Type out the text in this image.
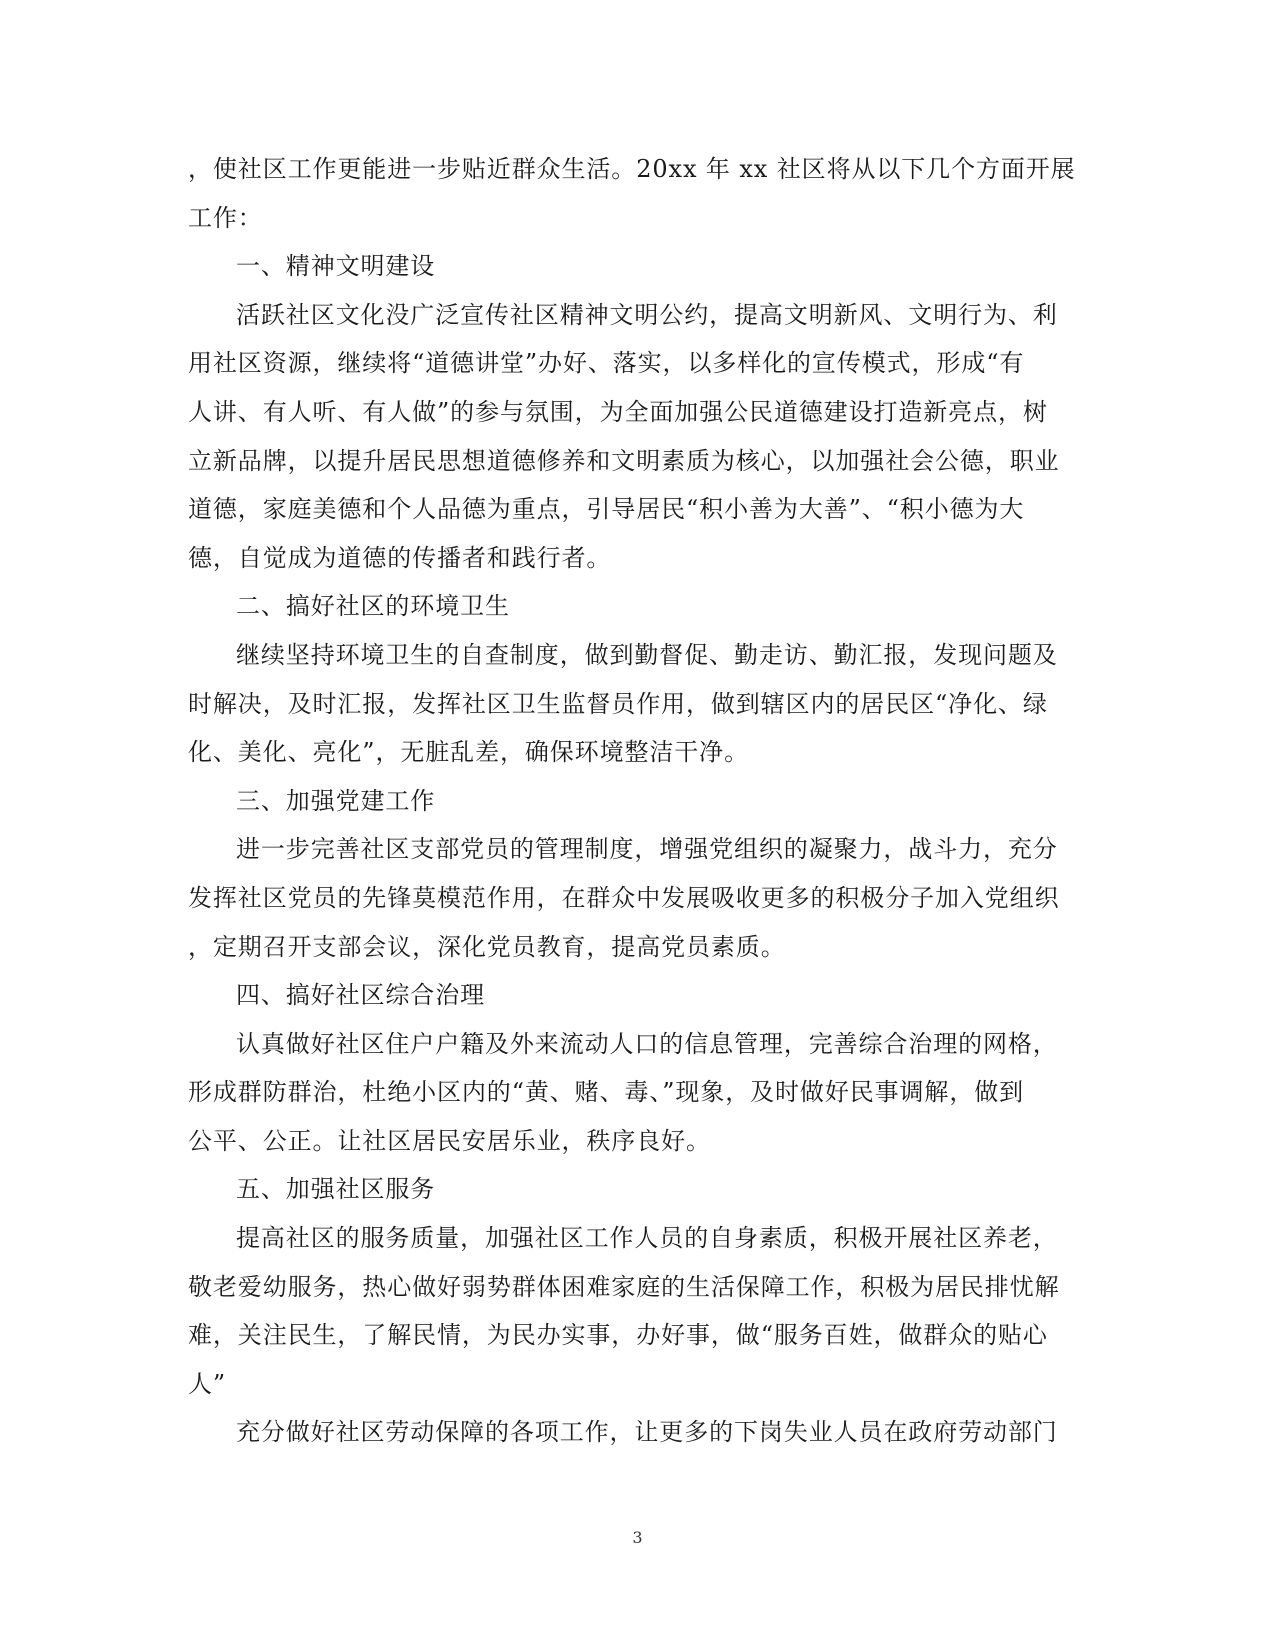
，使社区工作更能进一步贴近群众生活。20xx 年 xx 社区将从以下几个方面开展
工作：
一、精神文明建设
活跃社区文化没广泛宣传社区精神文明公约，提高文明新风、文明行为、利
用社区资源，继续将“道德讲堂”办好、落实，以多样化的宣传模式，形成“有
人讲、有人听、有人做”的参与氛围，为全面加强公民道德建设打造新亮点，树
立新品牌，以提升居民思想道德修养和文明素质为核心，以加强社会公德，职业
道德，家庭美德和个人品德为重点，引导居民“积小善为大善”、“积小德为大
德，自觉成为道德的传播者和践行者。
二、搞好社区的环境卫生
继续坚持环境卫生的自查制度，做到勤督促、勤走访、勤汇报，发现问题及
时解决，及时汇报，发挥社区卫生监督员作用，做到辖区内的居民区“净化、绿
化、美化、亮化”，无脏乱差，确保环境整洁干净。
三、加强党建工作
进一步完善社区支部党员的管理制度，增强党组织的凝聚力，战斗力，充分
发挥社区党员的先锋莫模范作用，在群众中发展吸收更多的积极分子加入党组织
，定期召开支部会议，深化党员教育，提高党员素质。
四、搞好社区综合治理
认真做好社区住户户籍及外来流动人口的信息管理，完善综合治理的网格，
形成群防群治，杜绝小区内的“黄、赌、毒、”现象，及时做好民事调解，做到
公平、公正。让社区居民安居乐业，秩序良好。
五、加强社区服务
提高社区的服务质量，加强社区工作人员的自身素质，积极开展社区养老，
敬老爱幼服务，热心做好弱势群体困难家庭的生活保障工作，积极为居民排忧解
难，关注民生，了解民情，为民办实事，办好事，做“服务百姓，做群众的贴心
人”
充分做好社区劳动保障的各项工作，让更多的下岗失业人员在政府劳动部门
3
